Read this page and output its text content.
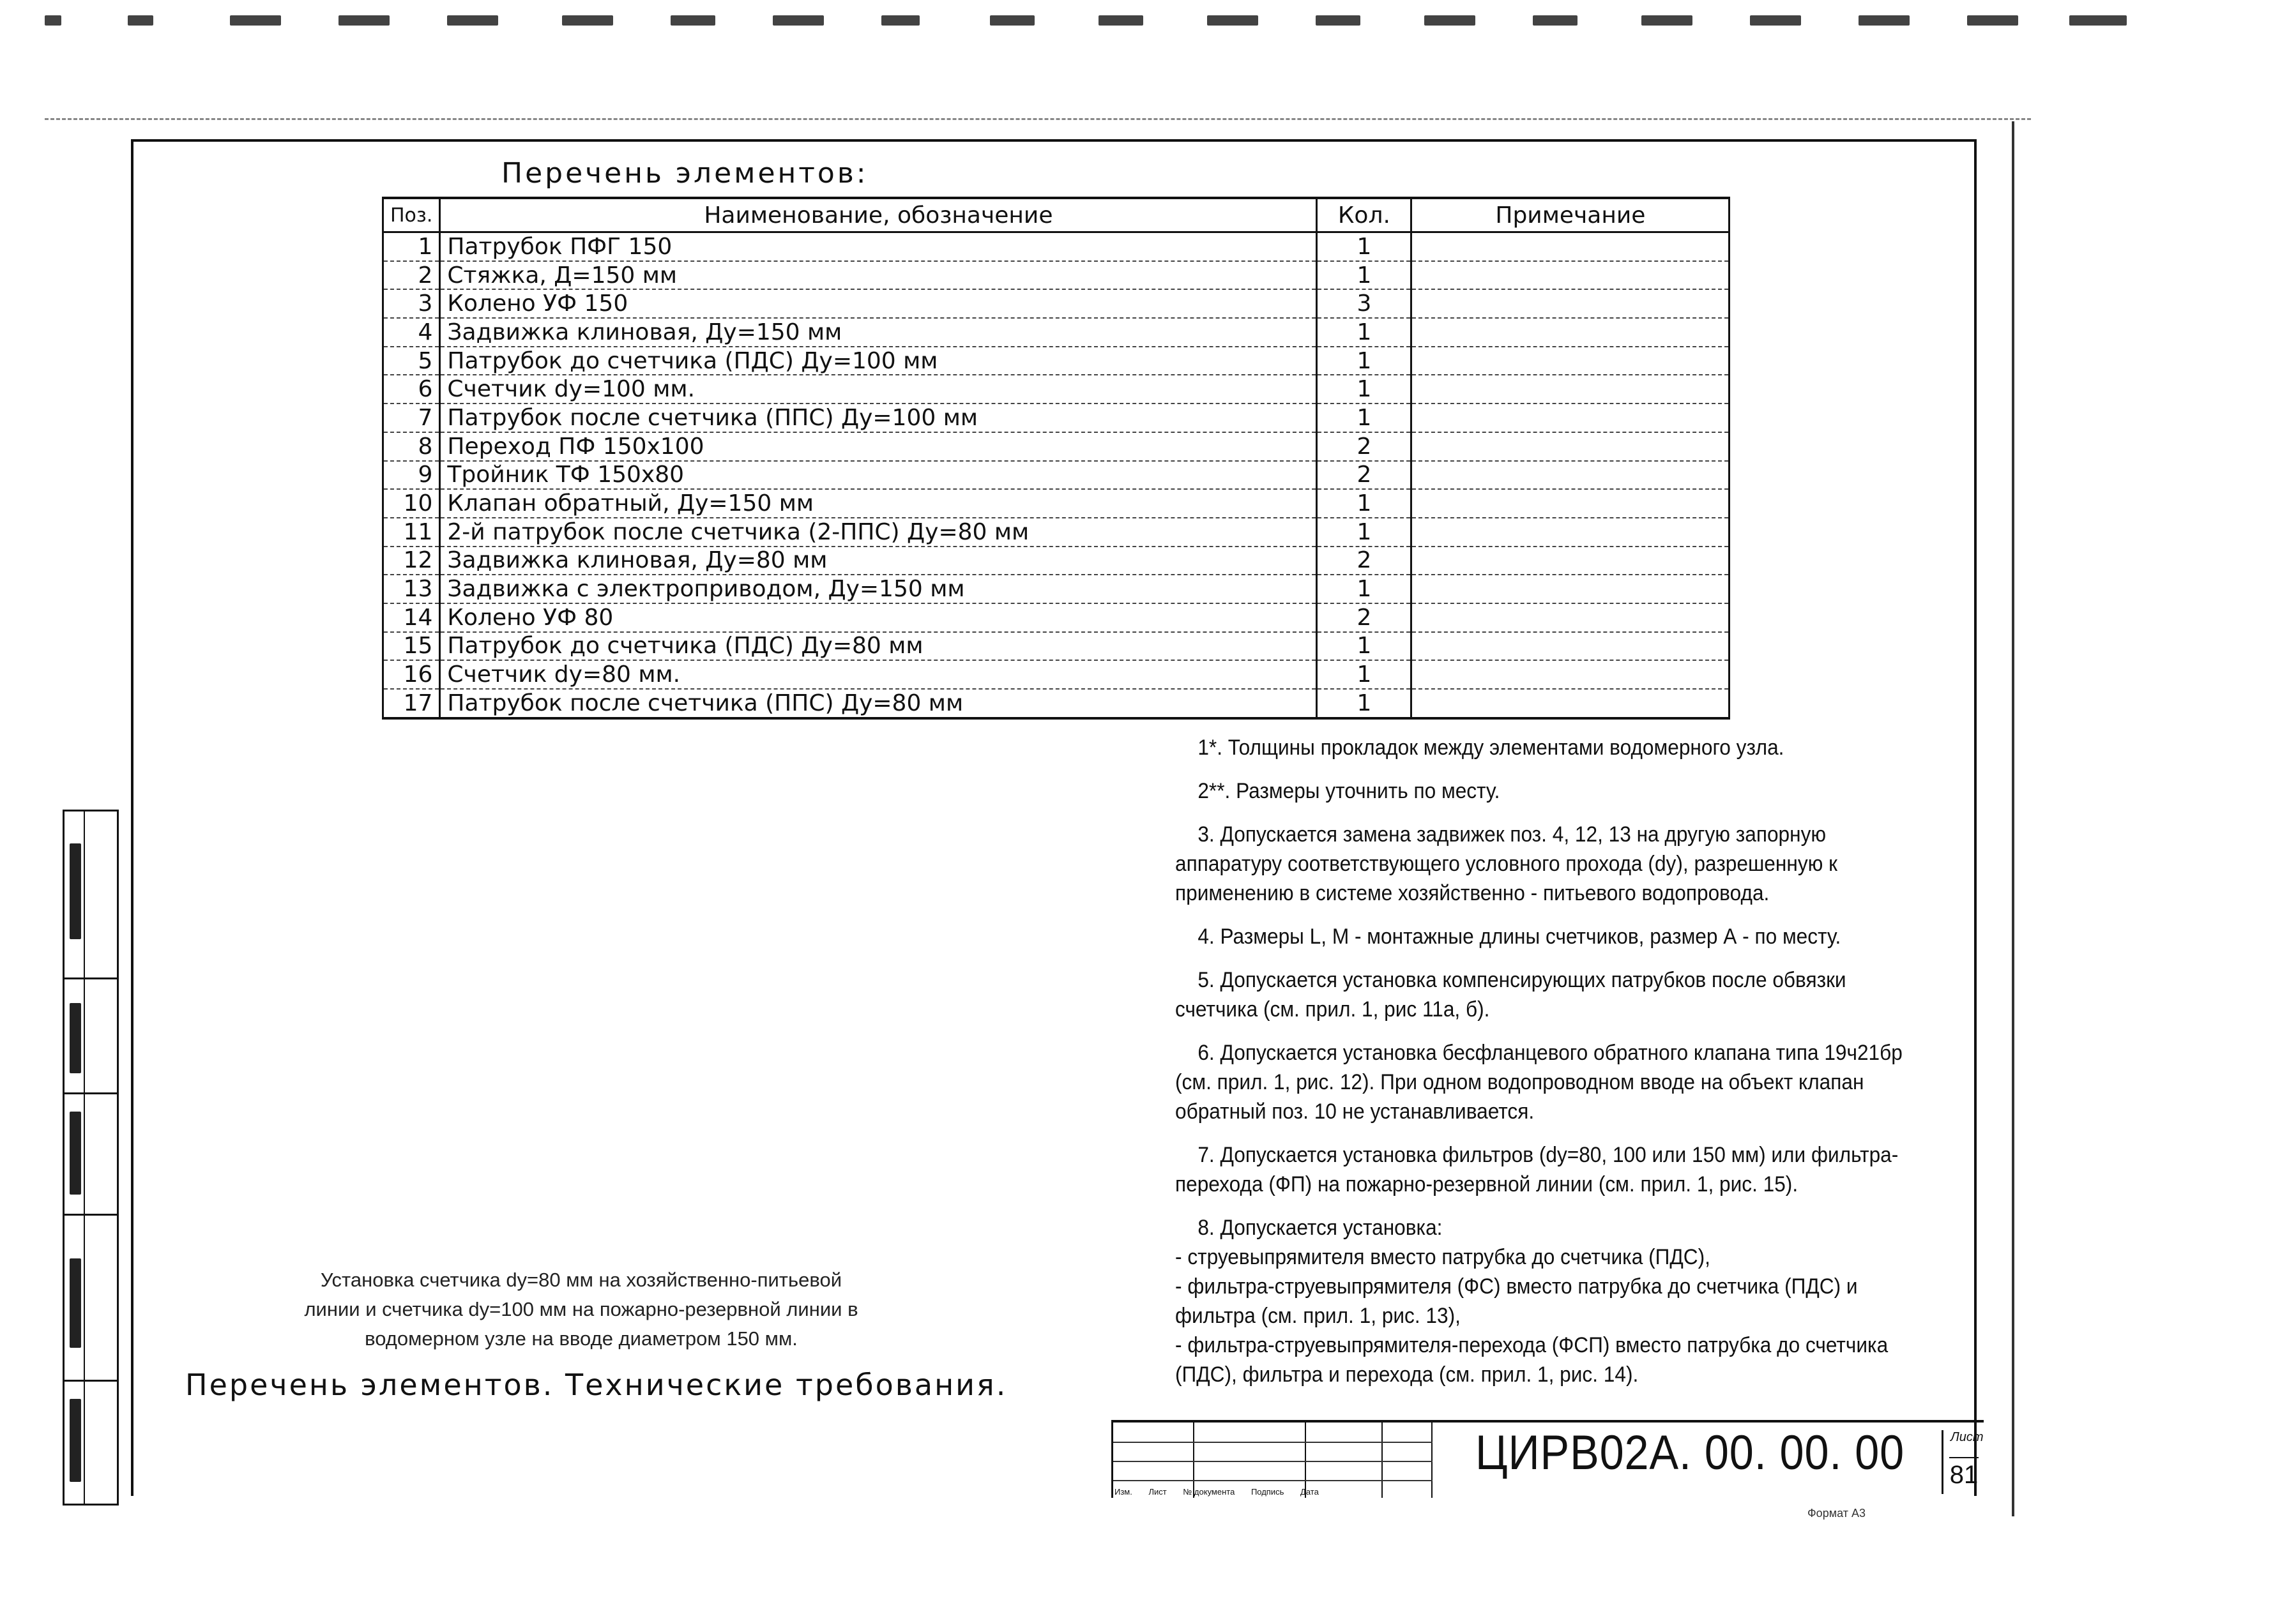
Перечень элементов:
Поз.	Наименование, обозначение	Кол.	Примечание
1	Патрубок ПФГ 150	1	
2	Стяжка, Д=150 мм	1	
3	Колено УФ 150	3	
4	Задвижка клиновая, Ду=150 мм	1	
5	Патрубок до счетчика (ПДС) Ду=100 мм	1	
6	Счетчик dу=100 мм.	1	
7	Патрубок после счетчика (ППС) Ду=100 мм	1	
8	Переход ПФ 150х100	2	
9	Тройник ТФ 150х80	2	
10	Клапан обратный, Ду=150 мм	1	
11	2-й патрубок после счетчика (2-ППС) Ду=80 мм	1	
12	Задвижка клиновая, Ду=80 мм	2	
13	Задвижка с электроприводом, Ду=150 мм	1	
14	Колено УФ 80	2	
15	Патрубок до счетчика (ПДС) Ду=80 мм	1	
16	Счетчик dу=80 мм.	1	
17	Патрубок после счетчика (ППС) Ду=80 мм	1	

1*. Толщины прокладок между элементами водомерного узла.

2**. Размеры уточнить по месту.

3. Допускается замена задвижек поз. 4, 12, 13 на другую запорную аппаратуру соответствующего условного прохода (dу), разрешенную к применению в системе хозяйственно - питьевого водопровода.

4. Размеры L, M - монтажные длины счетчиков, размер А - по месту.

5. Допускается установка компенсирующих патрубков после обвязки счетчика (см. прил. 1, рис 11а, б).

6. Допускается установка бесфланцевого обратного клапана типа 19ч21бр (см. прил. 1, рис. 12). При одном водопроводном вводе на объект клапан обратный поз. 10 не устанавливается.

7. Допускается установка фильтров (dу=80, 100 или 150 мм) или фильтра-перехода (ФП) на пожарно-резервной линии (см. прил. 1, рис. 15).

8. Допускается установка:
- струевыпрямителя вместо патрубка до счетчика (ПДС),
- фильтра-струевыпрямителя (ФС) вместо патрубка до счетчика (ПДС) и фильтра (см. прил. 1, рис. 13),
- фильтра-струевыпрямителя-перехода (ФСП) вместо патрубка до счетчика (ПДС), фильтра и перехода (см. прил. 1, рис. 14).

Установка счетчика dу=80 мм на хозяйственно-питьевой
линии и счетчика dу=100 мм на пожарно-резервной линии в
водомерном узле на вводе диаметром 150 мм.
Перечень элементов. Технические требования.
Изм. Лист № документа Подпись Дата
ЦИРВ02А. 00. 00. 00	Лист
81
Формат А3
